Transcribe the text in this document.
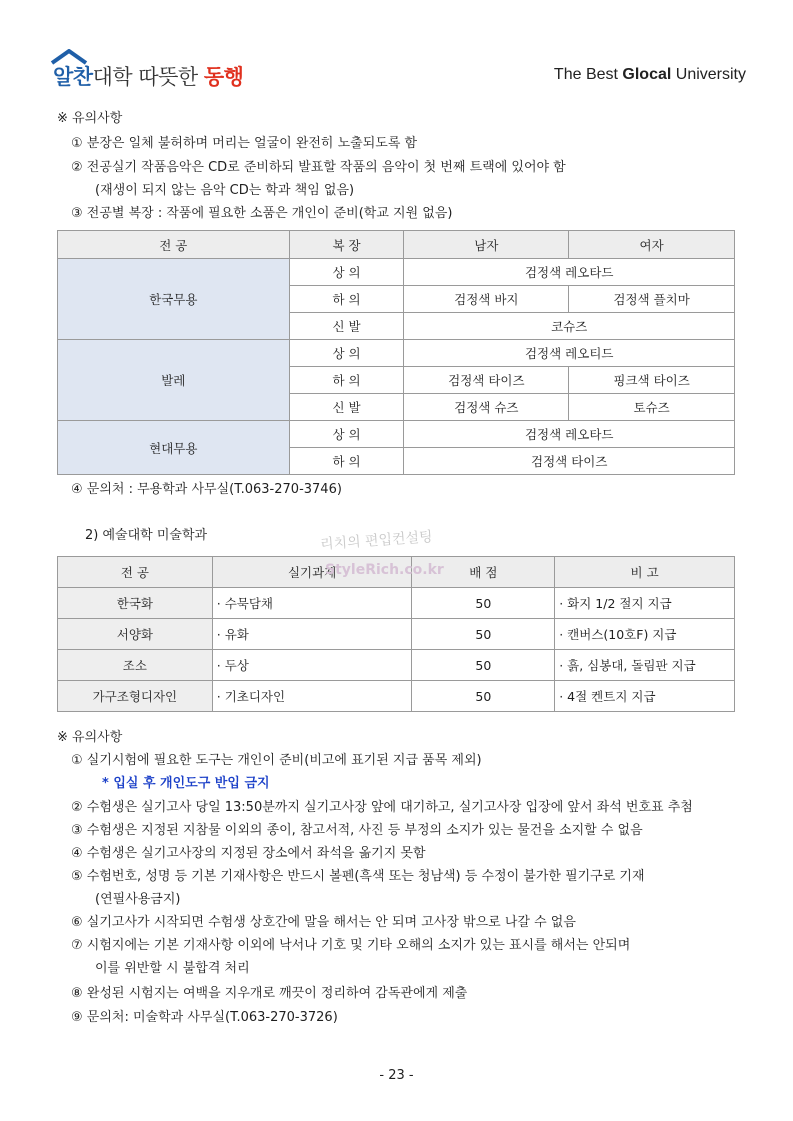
알찬대학 따뜻한 동행	The Best Glocal University
※ 유의사항
① 분장은 일체 불허하며 머리는 얼굴이 완전히 노출되도록 함
② 전공실기 작품음악은 CD로 준비하되 발표할 작품의 음악이 첫 번째 트랙에 있어야 함
(재생이 되지 않는 음악 CD는 학과 책임 없음)
③ 전공별 복장 : 작품에 필요한 소품은 개인이 준비(학교 지원 없음)
전 공	복 장	남자	여자
한국무용	상 의	검정색 레오타드	
	하 의	검정색 바지	검정색 플치마
	신 발	코슈즈	
발레	상 의	검정색 레오티드	
	하 의	검정색 타이즈	핑크색 타이즈
	신 발	검정색 슈즈	토슈즈
현대무용	상 의	검정색 레오타드	
	하 의	검정색 타이즈	
④ 문의처 : 무용학과 사무실(T.063-270-3746)
2) 예술대학 미술학과	리치의 편입컨설팅
전 공	실기과제	배 점	비 고
한국화	· 수묵담채	50	· 화지 1/2 절지 지급
서양화	· 유화	50	· 캔버스(10호F) 지급
조소	· 두상	50	· 흙, 심봉대, 돌림판 지급
가구조형디자인	· 기초디자인	50	· 4절 켄트지 지급
StyleRich.co.kr
※ 유의사항
① 실기시험에 필요한 도구는 개인이 준비(비고에 표기된 지급 품목 제외)
* 입실 후 개인도구 반입 금지
② 수험생은 실기고사 당일 13:50분까지 실기고사장 앞에 대기하고, 실기고사장 입장에 앞서 좌석 번호표 추첨
③ 수험생은 지정된 지참물 이외의 종이, 참고서적, 사진 등 부정의 소지가 있는 물건을 소지할 수 없음
④ 수험생은 실기고사장의 지정된 장소에서 좌석을 옮기지 못함
⑤ 수험번호, 성명 등 기본 기재사항은 반드시 볼펜(흑색 또는 청남색) 등 수정이 불가한 필기구로 기재
(연필사용금지)
⑥ 실기고사가 시작되면 수험생 상호간에 말을 해서는 안 되며 고사장 밖으로 나갈 수 없음
⑦ 시험지에는 기본 기재사항 이외에 낙서나 기호 및 기타 오해의 소지가 있는 표시를 해서는 안되며
이를 위반할 시 불합격 처리
⑧ 완성된 시험지는 여백을 지우개로 깨끗이 정리하여 감독관에게 제출
⑨ 문의처: 미술학과 사무실(T.063-270-3726)
- 23 -
